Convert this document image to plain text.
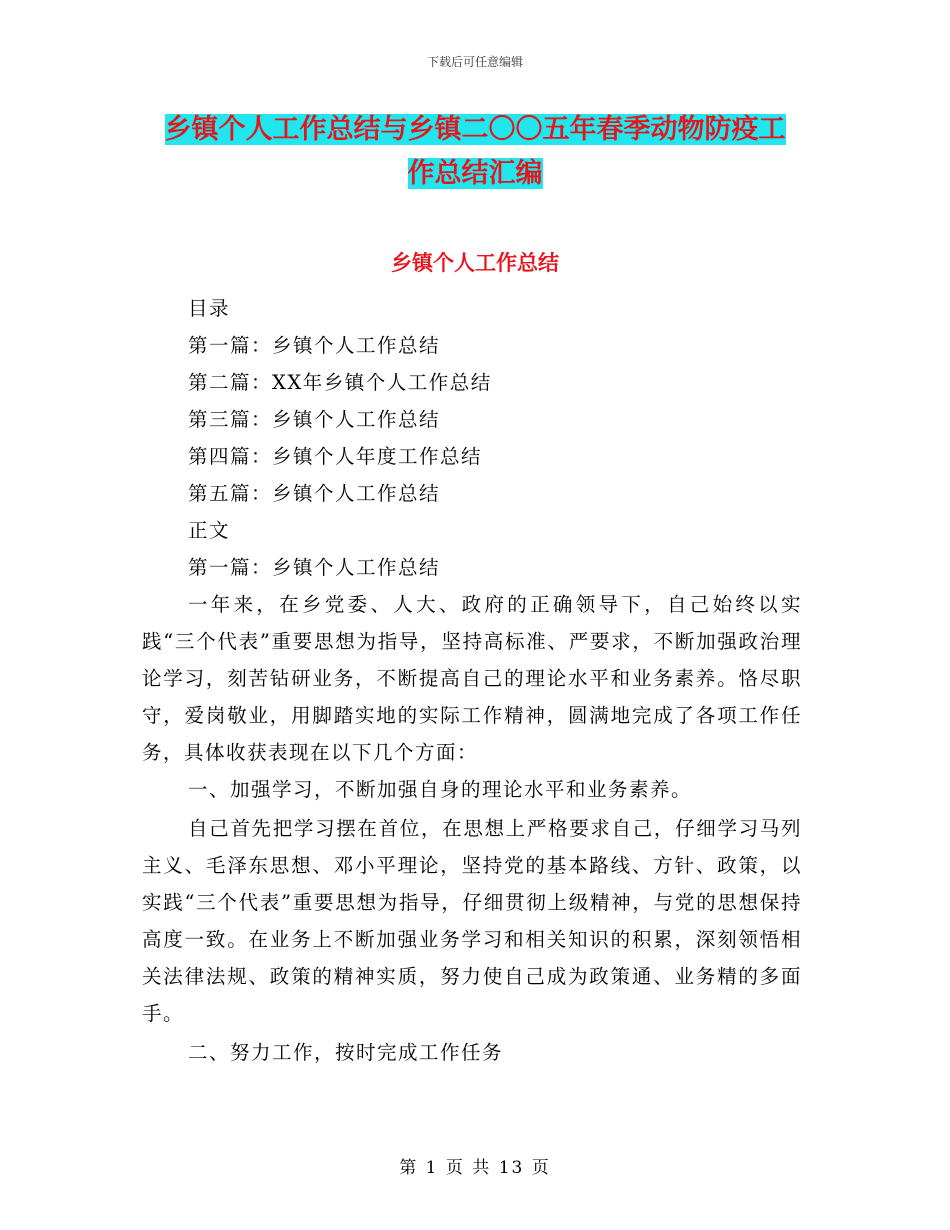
下载后可任意编辑
乡镇个人工作总结与乡镇二〇〇五年春季动物防疫工
作总结汇编
乡镇个人工作总结
目录
第一篇：乡镇个人工作总结
第二篇：XX年乡镇个人工作总结
第三篇：乡镇个人工作总结
第四篇：乡镇个人年度工作总结
第五篇：乡镇个人工作总结
正文
第一篇：乡镇个人工作总结

一年来，在乡党委、人大、政府的正确领导下，自己始终以实践“三个代表”重要思想为指导，坚持高标准、严要求，不断加强政治理论学习，刻苦钻研业务，不断提高自己的理论水平和业务素养。恪尽职守，爱岗敬业，用脚踏实地的实际工作精神，圆满地完成了各项工作任务，具体收获表现在以下几个方面：

一、加强学习，不断加强自身的理论水平和业务素养。

自己首先把学习摆在首位，在思想上严格要求自己，仔细学习马列主义、毛泽东思想、邓小平理论，坚持党的基本路线、方针、政策，以实践“三个代表”重要思想为指导，仔细贯彻上级精神，与党的思想保持高度一致。在业务上不断加强业务学习和相关知识的积累，深刻领悟相关法律法规、政策的精神实质，努力使自己成为政策通、业务精的多面手。

二、努力工作，按时完成工作任务
第 1 页 共 13 页
